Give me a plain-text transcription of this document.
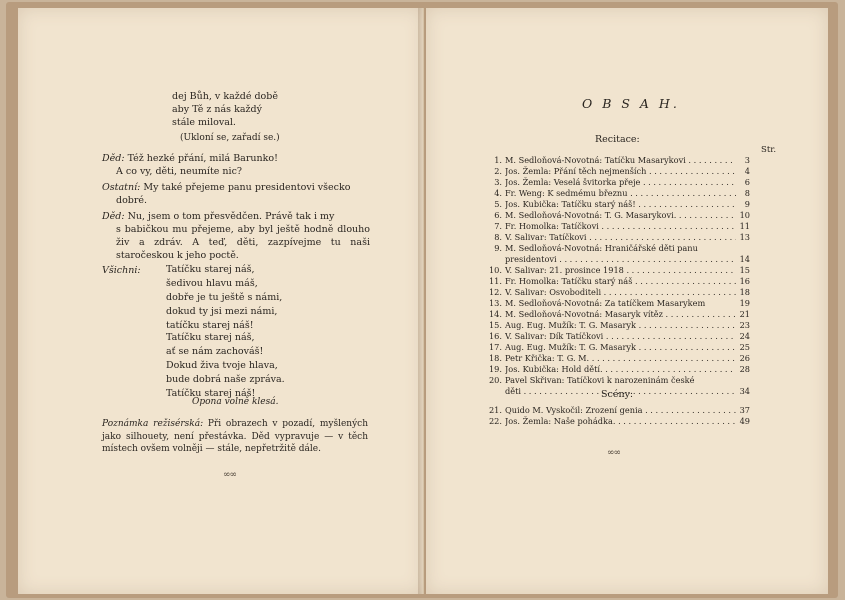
dej Bůh, v každé době
aby Tě z nás každý
stále miloval.
(Ukloní se, zařadí se.)
Děd: Též hezké přání, milá Barunko!
A co vy, děti, neumíte nic?
Ostatní: My také přejeme panu presidentovi všecko
dobré.
Děd: Nu, jsem o tom přesvědčen. Právě tak i my
s babičkou mu přejeme, aby byl ještě hodně dlouho živ a zdráv. A teď, děti, zazpívejme tu naši staročeskou k jeho poctě.
Všichni:	Tatíčku starej náš,
šedivou hlavu máš,
dobře je tu ještě s námi,
dokud ty jsi mezi námi,
tatíčku starej náš!
Tatíčku starej náš,
ať se nám zachováš!
Dokud živa tvoje hlava,
bude dobrá naše zpráva.
Tatíčku starej náš!
Opona volně klesá.
Poznámka režisérská: Při obrazech v pozadí, myšlených jako silhouety, není přestávka. Děd vypravuje — v těch místech ovšem volněji — stále, nepřetržitě dále.
∞∞
O B S A H.
Recitace:
Str.
1. M. Sedloňová-Novotná: Tatíčku Masarykovi . . .	3
2. Jos. Žemla: Přání těch nejmenších . . .	4
3. Jos. Žemla: Veselá švitorka přeje . . .	6
4. Fr. Weng: K sedmému březnu . . .	8
5. Jos. Kubička: Tatíčku starý náš! . . .	9
6. M. Sedloňová-Novotná: T. G. Masarykovi. . . .	10
7. Fr. Homolka: Tatíčkovi . . .	11
8. V. Salivar: Tatíčkovi . . .	13
9. M. Sedloňová-Novotná: Hraničářské děti panu
presidentovi . . .	14
10. V. Salivar: 21. prosince 1918 . . .	15
11. Fr. Homolka: Tatíčku starý náš . . .	16
12. V. Salivar: Osvoboditeli . . .	18
13. M. Sedloňová-Novotná: Za tatíčkem Masarykem	19
14. M. Sedloňová-Novotná: Masaryk vítěz . . .	21
15. Aug. Eug. Mužík: T. G. Masaryk . . .	23
16. V. Salivar: Dík Tatíčkovi . . .	24
17. Aug. Eug. Mužík: T. G. Masaryk . . .	25
18. Petr Křička: T. G. M. . . .	26
19. Jos. Kubička: Hold dětí. . . .	28
20. Pavel Skřivan: Tatíčkovi k narozeninám české
děti . . .	34
Scény:
21. Quido M. Vyskočil: Zrození genia . . .	37
22. Jos. Žemla: Naše pohádka. . . .	49
∞∞
